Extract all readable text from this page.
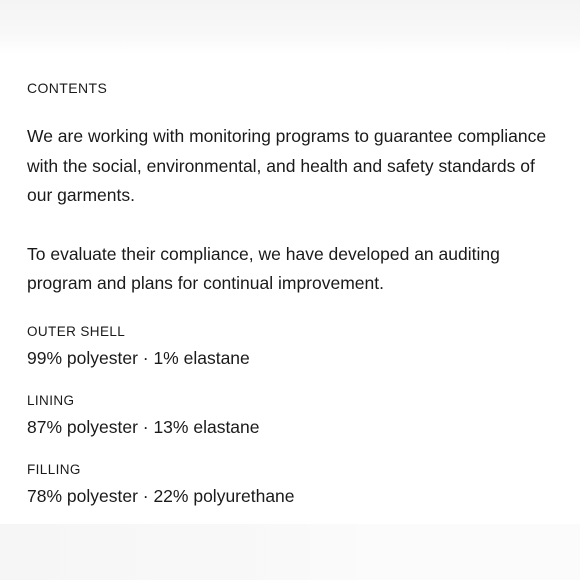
CONTENTS

We are working with monitoring programs to guarantee compliance with the social, environmental, and health and safety standards of our garments.

To evaluate their compliance, we have developed an auditing program and plans for continual improvement.

OUTER SHELL
99% polyester · 1% elastane
LINING
87% polyester · 13% elastane
FILLING
78% polyester · 22% polyurethane
